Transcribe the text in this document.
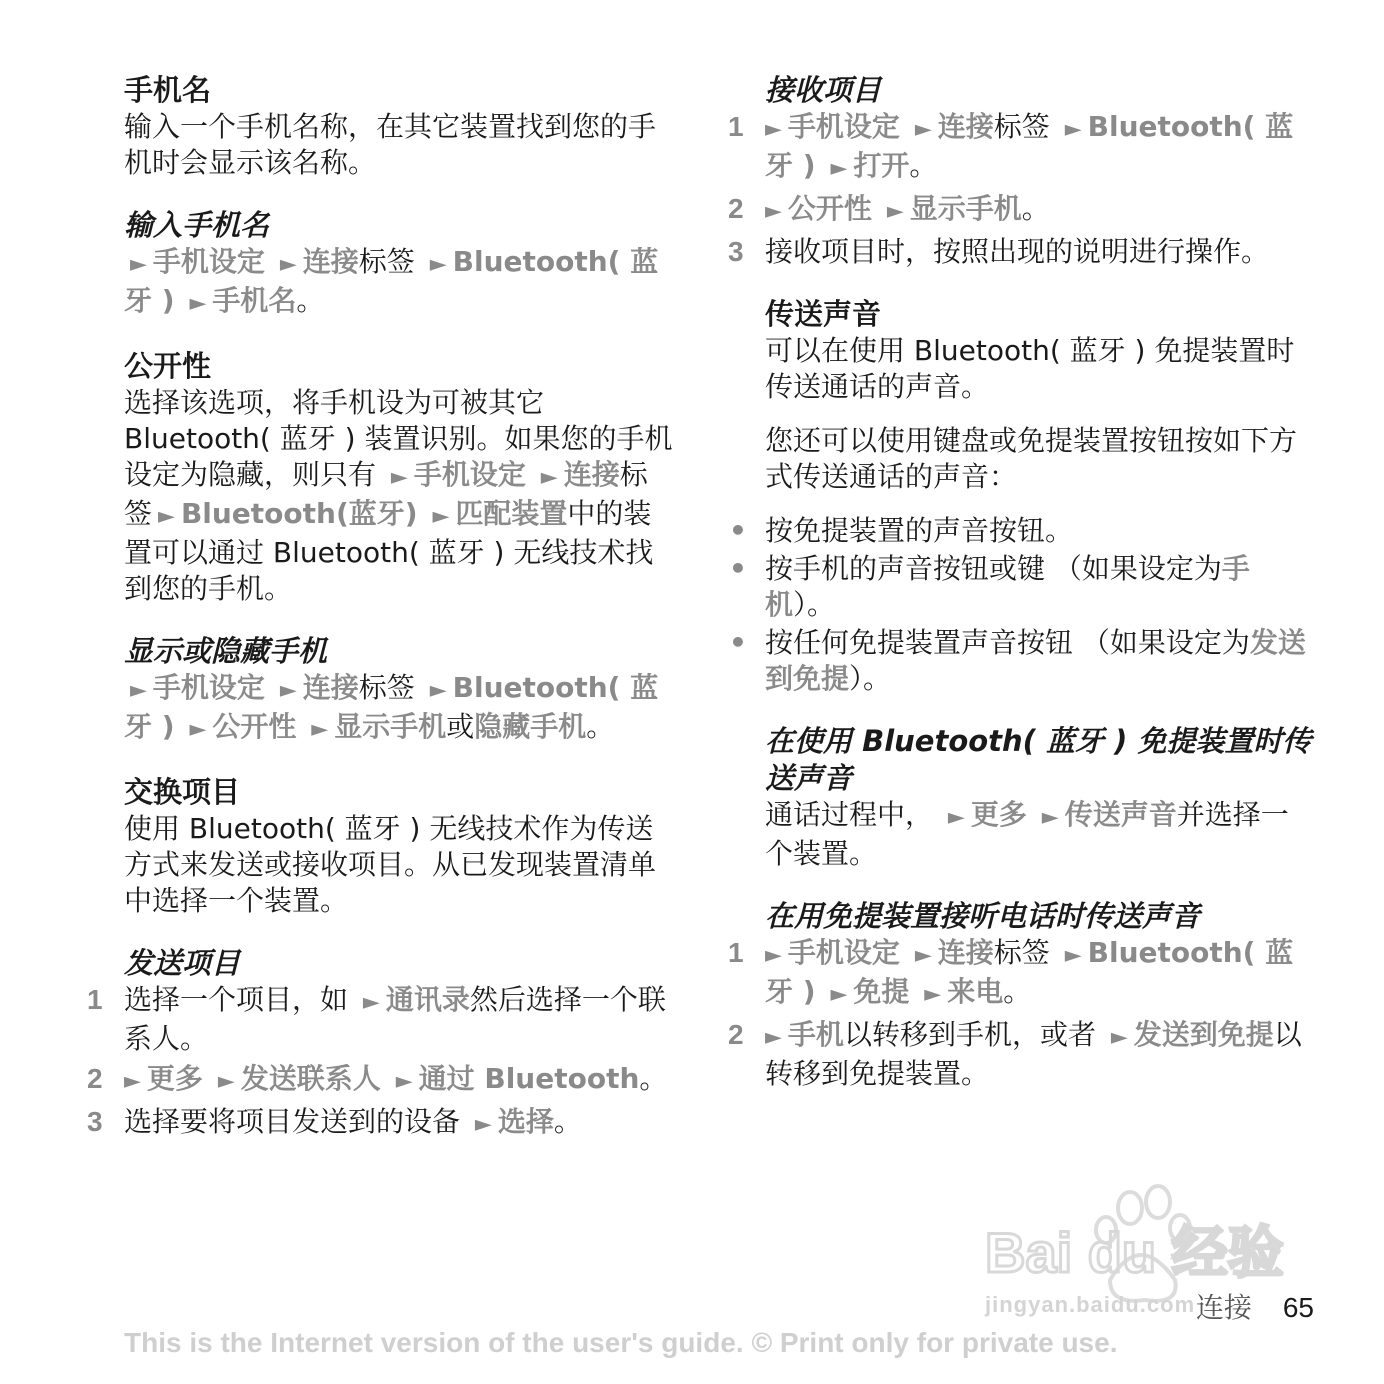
手机名

输入一个手机名称，在其它装置找到您的手机时会显示该名称。

输入手机名

► 手机设定 ► 连接标签 ► Bluetooth( 蓝牙 ) ► 手机名。

公开性

选择该选项，将手机设为可被其它 Bluetooth( 蓝牙 ) 装置识别。如果您的手机设定为隐藏，则只有 ► 手机设定 ► 连接标签 ► Bluetooth(蓝牙) ► 匹配装置中的装置可以通过 Bluetooth( 蓝牙 ) 无线技术找到您的手机。

显示或隐藏手机

► 手机设定 ► 连接标签 ► Bluetooth( 蓝牙 ) ► 公开性 ► 显示手机或隐藏手机。

交换项目

使用 Bluetooth( 蓝牙 ) 无线技术作为传送方式来发送或接收项目。从已发现装置清单中选择一个装置。

发送项目

1 选择一个项目，如 ► 通讯录然后选择一个联系人。
2 ► 更多 ► 发送联系人 ► 通过 Bluetooth。
3 选择要将项目发送到的设备 ► 选择。

接收项目

1 ► 手机设定 ► 连接标签 ► Bluetooth( 蓝牙 ) ► 打开。
2 ► 公开性 ► 显示手机。
3 接收项目时，按照出现的说明进行操作。

传送声音

可以在使用 Bluetooth( 蓝牙 ) 免提装置时传送通话的声音。

您还可以使用键盘或免提装置按钮按如下方式传送通话的声音：

• 按免提装置的声音按钮。
• 按手机的声音按钮或键 （如果设定为手机）。
• 按任何免提装置声音按钮 （如果设定为发送到免提）。

在使用 Bluetooth( 蓝牙 ) 免提装置时传送声音

通话过程中， ► 更多 ► 传送声音并选择一个装置。

在用免提装置接听电话时传送声音

1 ► 手机设定 ► 连接标签 ► Bluetooth( 蓝牙 ) ► 免提 ► 来电。
2 ► 手机以转移到手机，或者 ► 发送到免提以转移到免提装置。
Bai du 经验
jingyan.baidu.com 连接 65
This is the Internet version of the user's guide. © Print only for private use.
